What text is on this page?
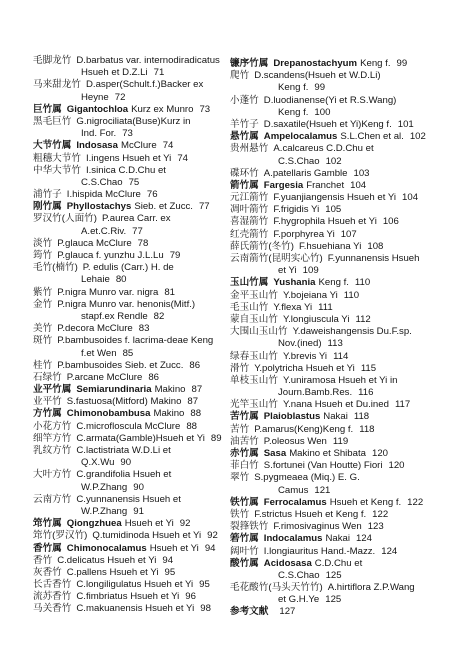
毛脚龙竹 D.barbatus var. internodiradicatus
Hsueh et D.Z.Li 71
马来甜龙竹 D.asper(Schult.f.)Backer ex
Heyne 72
巨竹属 Gigantochloa Kurz ex Munro 73
黑毛巨竹 G.nigrociliata(Buse)Kurz in
Ind. For. 73
大节竹属 Indosasa McClure 74
粗穗大节竹 I.ingens Hsueh et Yi 74
中华大节竹 I.sinica C.D.Chu et
C.S.Chao 75
浦竹子 I.hispida McClure 76
刚竹属 Phyllostachys Sieb. et Zucc. 77
罗汉竹(人面竹) P.aurea Carr. ex
A.et.C.Riv. 77
淡竹 P.glauca McClure 78
筠竹 P.glauca f. yunzhu J.L.Lu 79
毛竹(楠竹) P. edulis (Carr.) H. de
Lehaie 80
紫竹 P.nigra Munro var. nigra 81
金竹 P.nigra Munro var. henonis(Mitf.)
stapf.ex Rendle 82
美竹 P.decora McClure 83
斑竹 P.bambusoides f. lacrima-deae Keng
f.et Wen 85
桂竹 P.bambusoides Sieb. et Zucc. 86
石绿竹 P.arcane McClure 86
业平竹属 Semiarundinaria Makino 87
业平竹 S.fastuosa(Mitford) Makino 87
方竹属 Chimonobambusa Makino 88
小花方竹 C.microfloscula McClure 88
细竿方竹 C.armata(Gamble)Hsueh et Yi 89
乳纹方竹 C.lactistriata W.D.Li et
Q.X.Wu 90
大叶方竹 C.grandifolia Hsueh et
W.P.Zhang 90
云南方竹 C.yunnanensis Hsueh et
W.P.Zhang 91
筇竹属 Qiongzhuea Hsueh et Yi 92
筇竹(罗汉竹) Q.tumidinoda Hsueh et Yi 92
香竹属 Chimonocalamus Hsueh et Yi 94
香竹 C.delicatus Hsueh et Yi 94
灰香竹 C.pallens Hsueh et Yi 95
长舌香竹 C.longiligulatus Hsueh et Yi 95
流苏香竹 C.fimbriatus Hsueh et Yi 96
马关香竹 C.makuanensis Hsueh et Yi 98
镰序竹属 Drepanostachyum Keng f. 99
爬竹 D.scandens(Hsueh et W.D.Li)
Keng f. 99
小蓬竹 D.luodianense(Yi et R.S.Wang)
Keng f. 100
羊竹子 D.saxatile(Hsueh et Yi)Keng f. 101
悬竹属 Ampelocalamus S.L.Chen et al. 102
贵州悬竹 A.calcareus C.D.Chu et
C.S.Chao 102
碟环竹 A.patellaris Gamble 103
箭竹属 Fargesia Franchet 104
元江箭竹 F.yuanjiangensis Hsueh et Yi 104
凋叶箭竹 F.frigidis Yi 105
喜湿箭竹 F.hygrophila Hsueh et Yi 106
红壳箭竹 F.porphyrea Yi 107
薛氏箭竹(冬竹) F.hsuehiana Yi 108
云南箭竹(昆明实心竹) F.yunnanensis Hsueh
et Yi 109
玉山竹属 Yushania Keng f. 110
金平玉山竹 Y.bojeiana Yi 110
毛玉山竹 Y.flexa Yi 111
蒙自玉山竹 Y.longiuscula Yi 112
大围山玉山竹 Y.daweishangensis Du.F.sp.
Nov.(ined) 113
绿春玉山竹 Y.brevis Yi 114
滑竹 Y.polytricha Hsueh et Yi 115
单枝玉山竹 Y.uniramosa Hsueh et Yi in
Journ.Bamb.Res. 116
光竿玉山竹 Y.nana Hsueh et Du.ined 117
苦竹属 Plaioblastus Nakai 118
苦竹 P.amarus(Keng)Keng f. 118
油苦竹 P.oleosus Wen 119
赤竹属 Sasa Makino et Shibata 120
菲白竹 S.fortunei (Van Houtte) Fiori 120
翠竹 S.pygmeaea (Miq.) E. G.
Camus 121
铁竹属 Ferrocalamus Hsueh et Keng f. 122
铁竹 F.strictus Hsueh et Keng f. 122
裂箨铁竹 F.rimosivaginus Wen 123
箬竹属 Indocalamus Nakai 124
阔叶竹 I.longiauritus Hand.-Mazz. 124
酸竹属 Acidosasa C.D.Chu et
C.S.Chao 125
毛花酸竹(马头天竹竹) A.hirtiflora Z.P.Wang
et G.H.Ye 125
参考文献 127
